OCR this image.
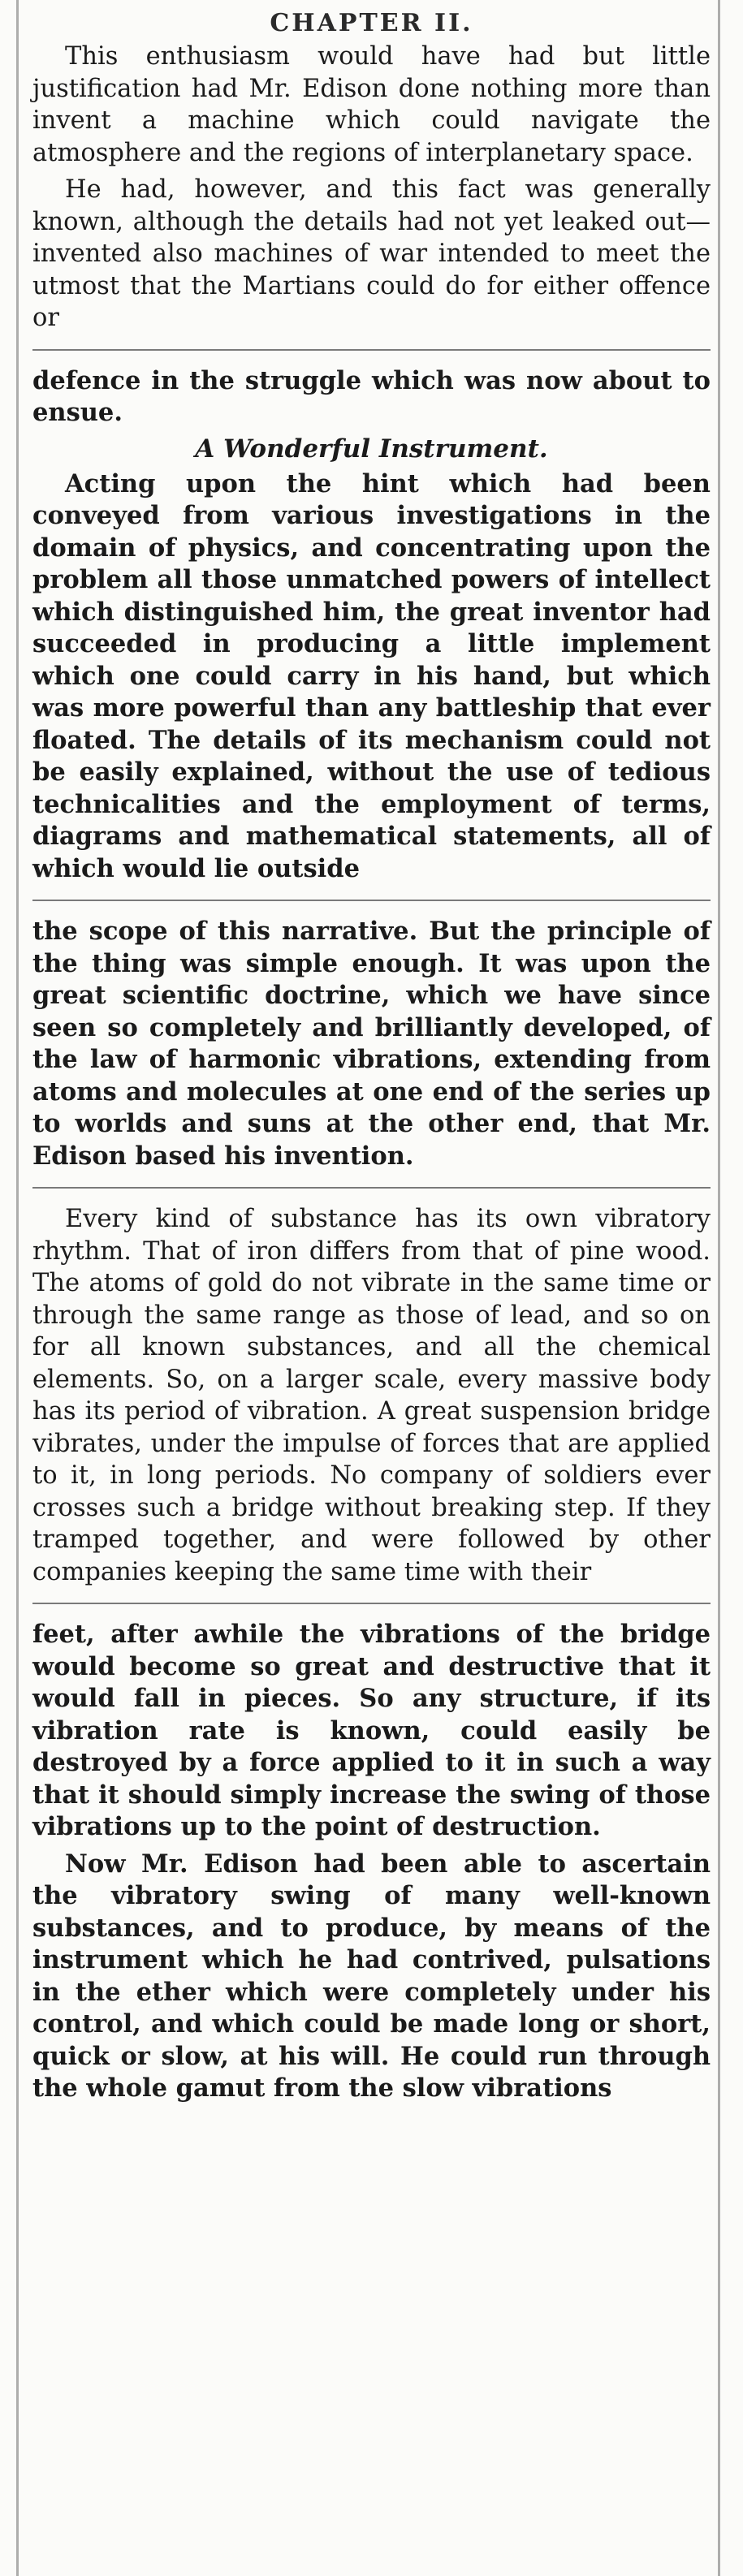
CHAPTER II.

This enthusiasm would have had but little justification had Mr. Edison done nothing more than invent a machine which could navigate the atmosphere and the regions of interplanetary space.

He had, however, and this fact was generally known, although the details had not yet leaked out—invented also machines of war intended to meet the utmost that the Martians could do for either offence or

defence in the struggle which was now about to ensue.

A Wonderful Instrument.

Acting upon the hint which had been conveyed from various investigations in the domain of physics, and concentrating upon the problem all those unmatched powers of intellect which distinguished him, the great inventor had succeeded in producing a little implement which one could carry in his hand, but which was more powerful than any battleship that ever floated. The details of its mechanism could not be easily explained, without the use of tedious technicalities and the employment of terms, diagrams and mathematical statements, all of which would lie outside

the scope of this narrative. But the principle of the thing was simple enough. It was upon the great scientific doctrine, which we have since seen so completely and brilliantly developed, of the law of harmonic vibrations, extending from atoms and molecules at one end of the series up to worlds and suns at the other end, that Mr. Edison based his invention.

Every kind of substance has its own vibratory rhythm. That of iron differs from that of pine wood. The atoms of gold do not vibrate in the same time or through the same range as those of lead, and so on for all known substances, and all the chemical elements. So, on a larger scale, every massive body has its period of vibration. A great suspension bridge vibrates, under the impulse of forces that are applied to it, in long periods. No company of soldiers ever crosses such a bridge without breaking step. If they tramped together, and were followed by other companies keeping the same time with their

feet, after awhile the vibrations of the bridge would become so great and destructive that it would fall in pieces. So any structure, if its vibration rate is known, could easily be destroyed by a force applied to it in such a way that it should simply increase the swing of those vibrations up to the point of destruction.

Now Mr. Edison had been able to ascertain the vibratory swing of many well-known substances, and to produce, by means of the instrument which he had contrived, pulsations in the ether which were completely under his control, and which could be made long or short, quick or slow, at his will. He could run through the whole gamut from the slow vibrations
